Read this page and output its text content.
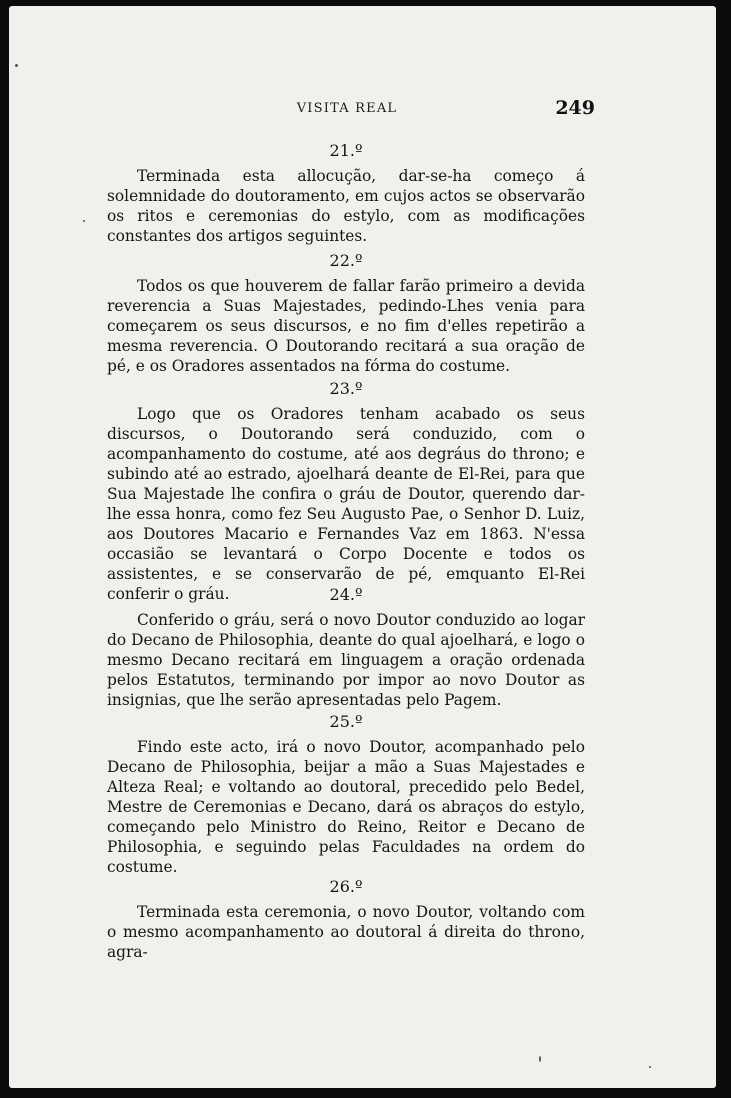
VISITA REAL	249
21.º

Terminada esta allocução, dar-se-ha começo á solemnidade do doutoramento, em cujos actos se observarão os ritos e ceremonias do estylo, com as modificações constantes dos artigos seguintes.

22.º

Todos os que houverem de fallar farão primeiro a devida reverencia a Suas Majestades, pedindo-Lhes venia para começarem os seus discursos, e no fim d'elles repetirão a mesma reverencia. O Doutorando recitará a sua oração de pé, e os Oradores assentados na fórma do costume.

23.º

Logo que os Oradores tenham acabado os seus discursos, o Doutorando será conduzido, com o acompanhamento do costume, até aos degráus do throno; e subindo até ao estrado, ajoelhará deante de El-Rei, para que Sua Majestade lhe confira o gráu de Doutor, querendo dar-lhe essa honra, como fez Seu Augusto Pae, o Senhor D. Luiz, aos Doutores Macario e Fernandes Vaz em 1863. N'essa occasião se levantará o Corpo Docente e todos os assistentes, e se conservarão de pé, emquanto El-Rei conferir o gráu.	24.º

Conferido o gráu, será o novo Doutor conduzido ao logar do Decano de Philosophia, deante do qual ajoelhará, e logo o mesmo Decano recitará em linguagem a oração ordenada pelos Estatutos, terminando por impor ao novo Doutor as insignias, que lhe serão apresentadas pelo Pagem.

25.º

Findo este acto, irá o novo Doutor, acompanhado pelo Decano de Philosophia, beijar a mão a Suas Majestades e Alteza Real; e voltando ao doutoral, precedido pelo Bedel, Mestre de Ceremonias e Decano, dará os abraços do estylo, começando pelo Ministro do Reino, Reitor e Decano de Philosophia, e seguindo pelas Faculdades na ordem do costume.

26.º

Terminada esta ceremonia, o novo Doutor, voltando com o mesmo acompanhamento ao doutoral á direita do throno, agra-
